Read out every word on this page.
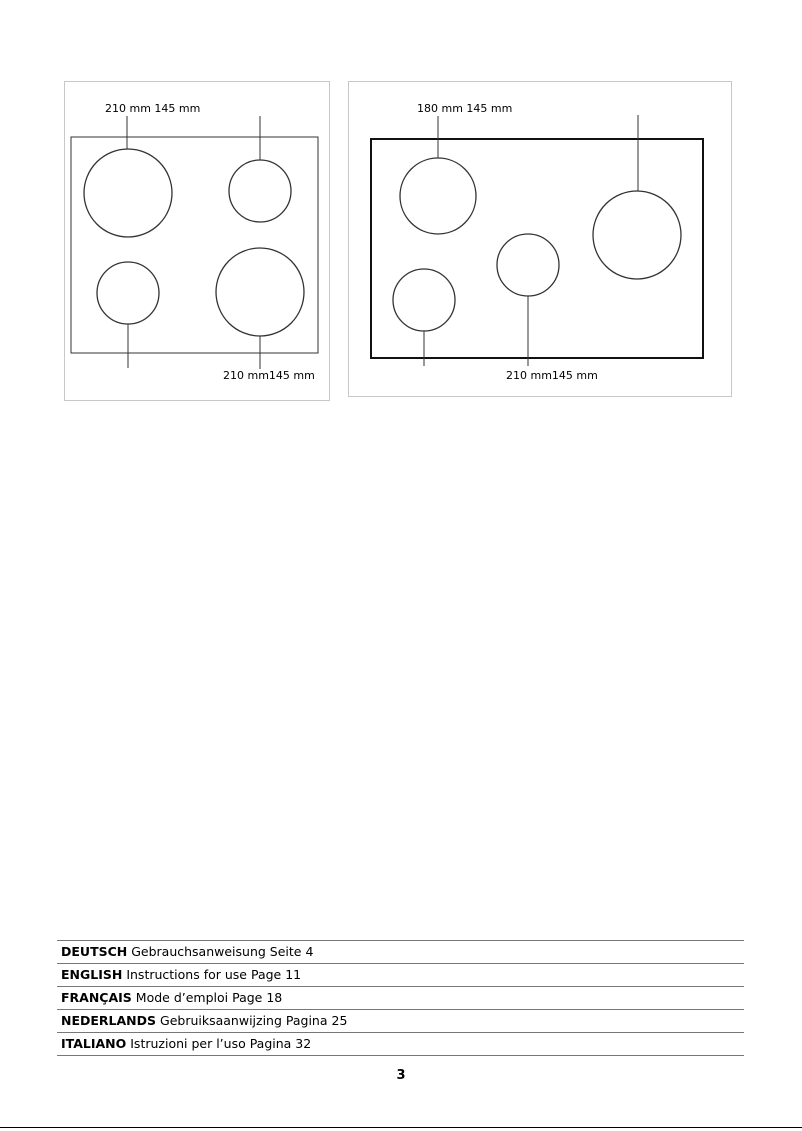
210 mm 145 mm
210 mm145 mm
180 mm 145 mm
210 mm145 mm
DEUTSCH Gebrauchsanweisung Seite 4
ENGLISH Instructions for use Page 11
FRANÇAIS Mode d’emploi Page 18
NEDERLANDS Gebruiksaanwijzing Pagina 25
ITALIANO Istruzioni per l’uso Pagina 32
3
